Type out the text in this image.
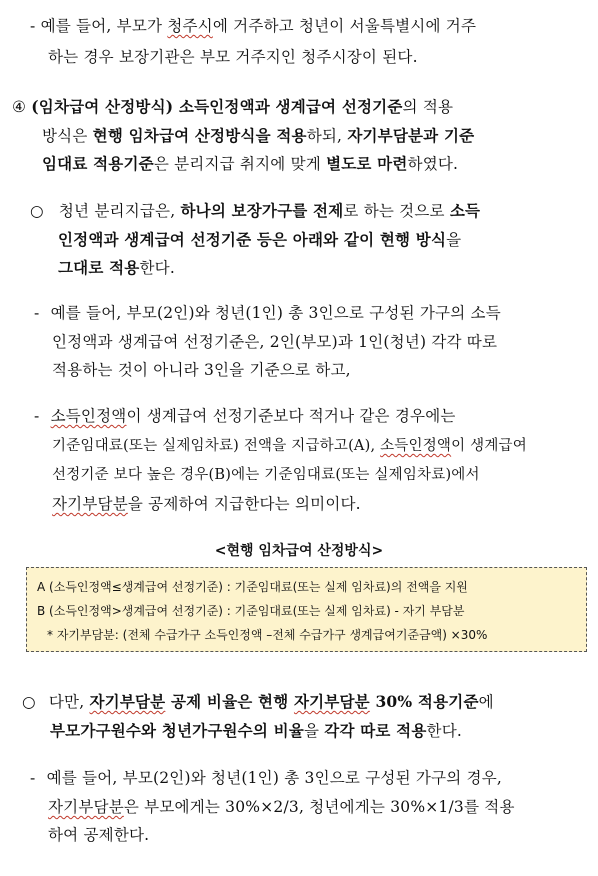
- 예를 들어, 부모가 청주시에 거주하고 청년이 서울특별시에 거주
하는 경우 보장기관은 부모 거주지인 청주시장이 된다.
④ (임차급여 산정방식) 소득인정액과 생계급여 선정기준의 적용
방식은 현행 임차급여 산정방식을 적용하되, 자기부담분과 기준
임대료 적용기준은 분리지급 취지에 맞게 별도로 마련하였다.
○ 청년 분리지급은, 하나의 보장가구를 전제로 하는 것으로 소득
인정액과 생계급여 선정기준 등은 아래와 같이 현행 방식을
그대로 적용한다.
- 예를 들어, 부모(2인)와 청년(1인) 총 3인으로 구성된 가구의 소득
인정액과 생계급여 선정기준은, 2인(부모)과 1인(청년) 각각 따로
적용하는 것이 아니라 3인을 기준으로 하고,
- 소득인정액이 생계급여 선정기준보다 적거나 같은 경우에는
기준임대료(또는 실제임차료) 전액을 지급하고(A), 소득인정액이 생계급여
선정기준 보다 높은 경우(B)에는 기준임대료(또는 실제임차료)에서
자기부담분을 공제하여 지급한다는 의미이다.
<현행 임차급여 산정방식>
A (소득인정액≤생계급여 선정기준) : 기준임대료(또는 실제 임차료)의 전액을 지원
B (소득인정액>생계급여 선정기준) : 기준임대료(또는 실제 임차료) - 자기 부담분
* 자기부담분: (전체 수급가구 소득인정액 –전체 수급가구 생계급여기준금액) ×30%
○ 다만, 자기부담분 공제 비율은 현행 자기부담분 30% 적용기준에
부모가구원수와 청년가구원수의 비율을 각각 따로 적용한다.
- 예를 들어, 부모(2인)와 청년(1인) 총 3인으로 구성된 가구의 경우,
자기부담분은 부모에게는 30%×2/3, 청년에게는 30%×1/3를 적용
하여 공제한다.
